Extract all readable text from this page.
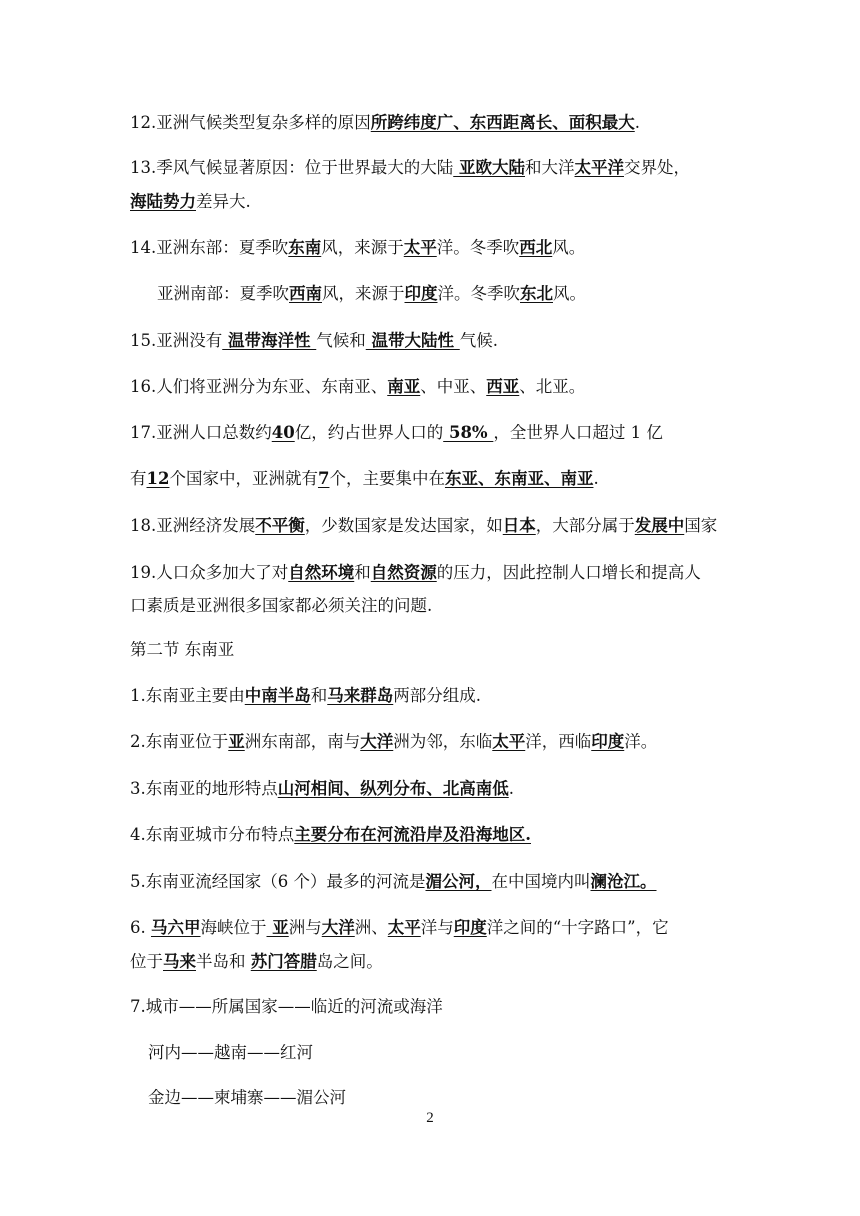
12.亚洲气候类型复杂多样的原因所跨纬度广、东西距离长、面积最大.
13.季风气候显著原因：位于世界最大的大陆 亚欧大陆和大洋太平洋交界处，
海陆势力差异大.
14.亚洲东部：夏季吹东南风，来源于太平洋。冬季吹西北风。
亚洲南部：夏季吹西南风，来源于印度洋。冬季吹东北风。
15.亚洲没有 温带海洋性 气候和 温带大陆性 气候.
16.人们将亚洲分为东亚、东南亚、南亚、中亚、西亚、北亚。
17.亚洲人口总数约40亿，约占世界人口的 58% ，全世界人口超过 1 亿
有12个国家中，亚洲就有7个，主要集中在东亚、东南亚、南亚.
18.亚洲经济发展不平衡，少数国家是发达国家，如日本，大部分属于发展中国家
19.人口众多加大了对自然环境和自然资源的压力，因此控制人口增长和提高人
口素质是亚洲很多国家都必须关注的问题.
第二节 东南亚
1.东南亚主要由中南半岛和马来群岛两部分组成.
2.东南亚位于亚洲东南部，南与大洋洲为邻，东临太平洋，西临印度洋。
3.东南亚的地形特点山河相间、纵列分布、北高南低.
4.东南亚城市分布特点主要分布在河流沿岸及沿海地区.
5.东南亚流经国家（6 个）最多的河流是湄公河，在中国境内叫澜沧江。
6. 马六甲海峡位于 亚洲与大洋洲、太平洋与印度洋之间的“十字路口”，它
位于马来半岛和 苏门答腊岛之间。
7.城市——所属国家——临近的河流或海洋
河内——越南——红河
金边——柬埔寨——湄公河
2
